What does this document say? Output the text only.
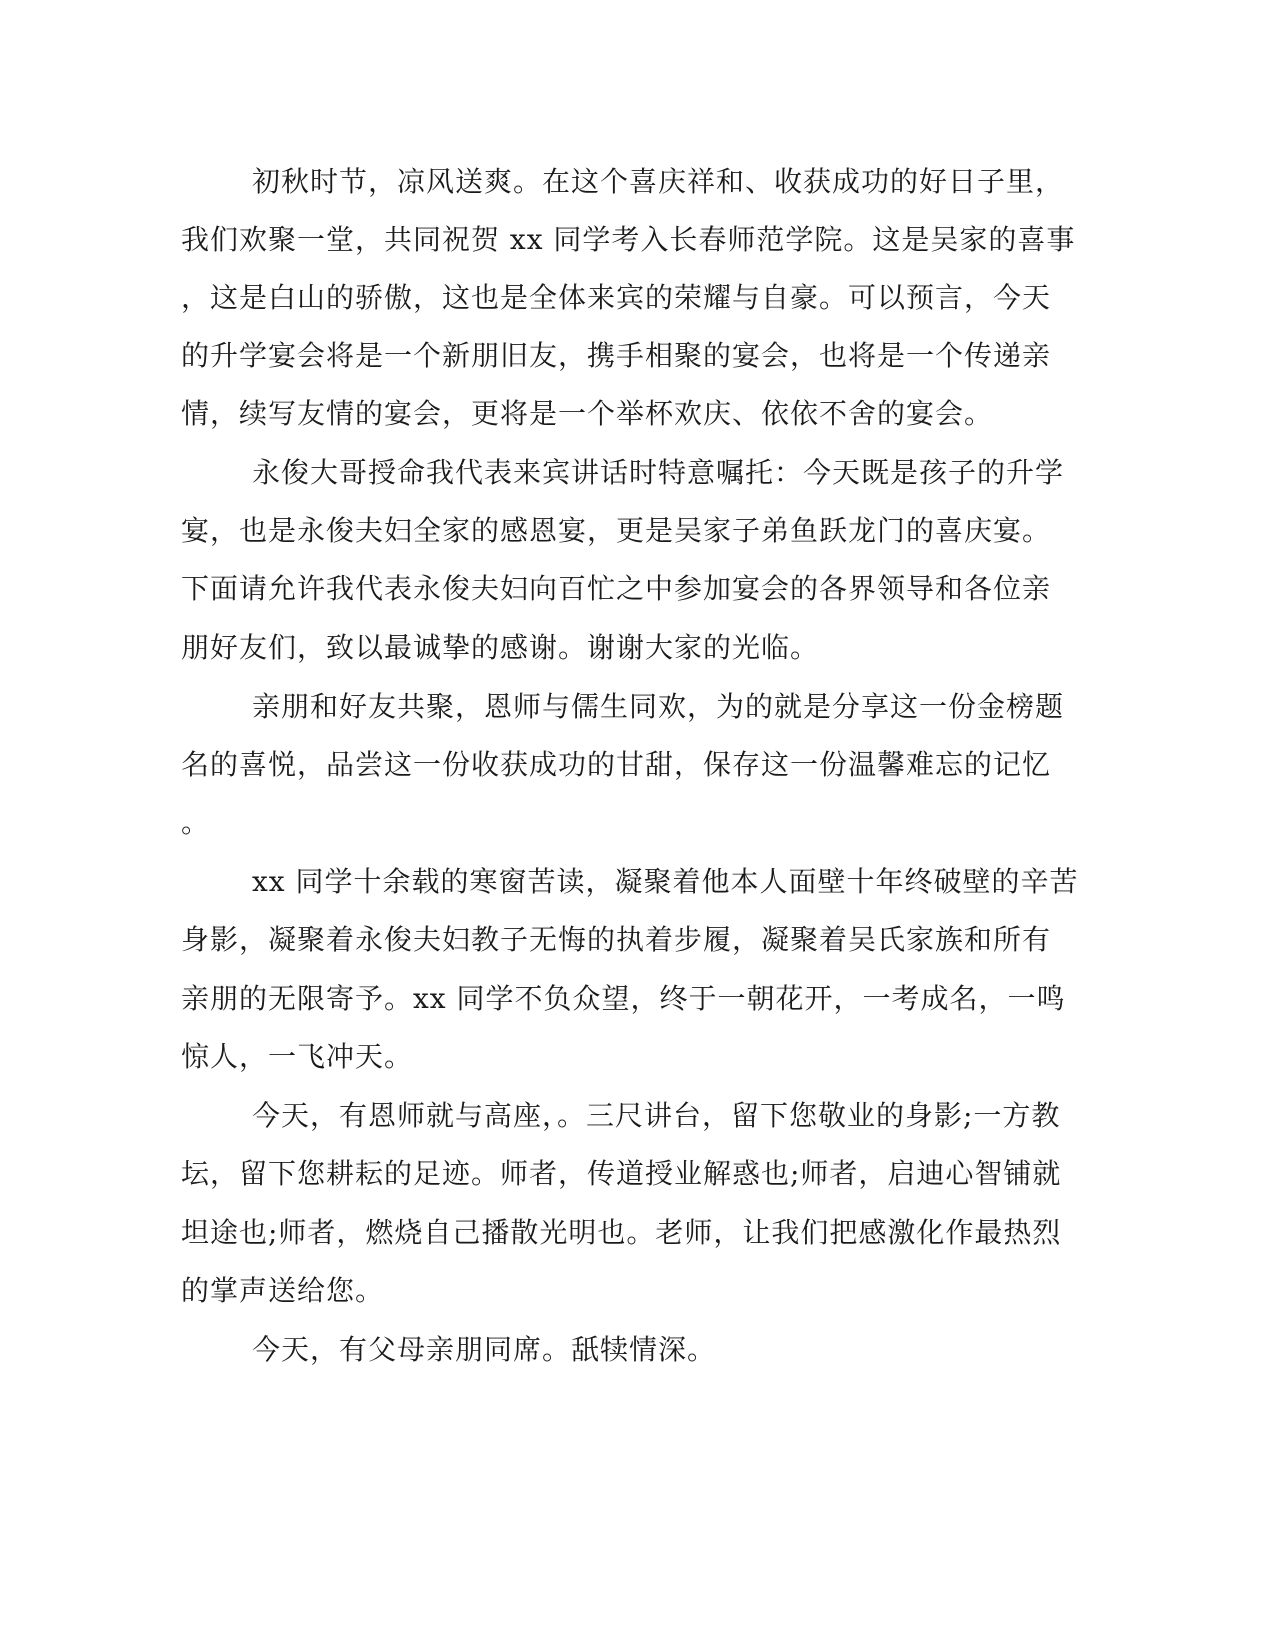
初秋时节，凉风送爽。在这个喜庆祥和、收获成功的好日子里，
我们欢聚一堂，共同祝贺 xx 同学考入长春师范学院。这是吴家的喜事
，这是白山的骄傲，这也是全体来宾的荣耀与自豪。可以预言，今天
的升学宴会将是一个新朋旧友，携手相聚的宴会，也将是一个传递亲
情，续写友情的宴会，更将是一个举杯欢庆、依依不舍的宴会。
永俊大哥授命我代表来宾讲话时特意嘱托：今天既是孩子的升学
宴，也是永俊夫妇全家的感恩宴，更是吴家子弟鱼跃龙门的喜庆宴。
下面请允许我代表永俊夫妇向百忙之中参加宴会的各界领导和各位亲
朋好友们，致以最诚挚的感谢。谢谢大家的光临。
亲朋和好友共聚，恩师与儒生同欢，为的就是分享这一份金榜题
名的喜悦，品尝这一份收获成功的甘甜，保存这一份温馨难忘的记忆
。
xx 同学十余载的寒窗苦读，凝聚着他本人面壁十年终破壁的辛苦
身影，凝聚着永俊夫妇教子无悔的执着步履，凝聚着吴氏家族和所有
亲朋的无限寄予。xx 同学不负众望，终于一朝花开，一考成名，一鸣
惊人，一飞冲天。
今天，有恩师就与高座，。三尺讲台，留下您敬业的身影;一方教
坛，留下您耕耘的足迹。师者，传道授业解惑也;师者，启迪心智铺就
坦途也;师者，燃烧自己播散光明也。老师，让我们把感激化作最热烈
的掌声送给您。
今天，有父母亲朋同席。舐犊情深。
